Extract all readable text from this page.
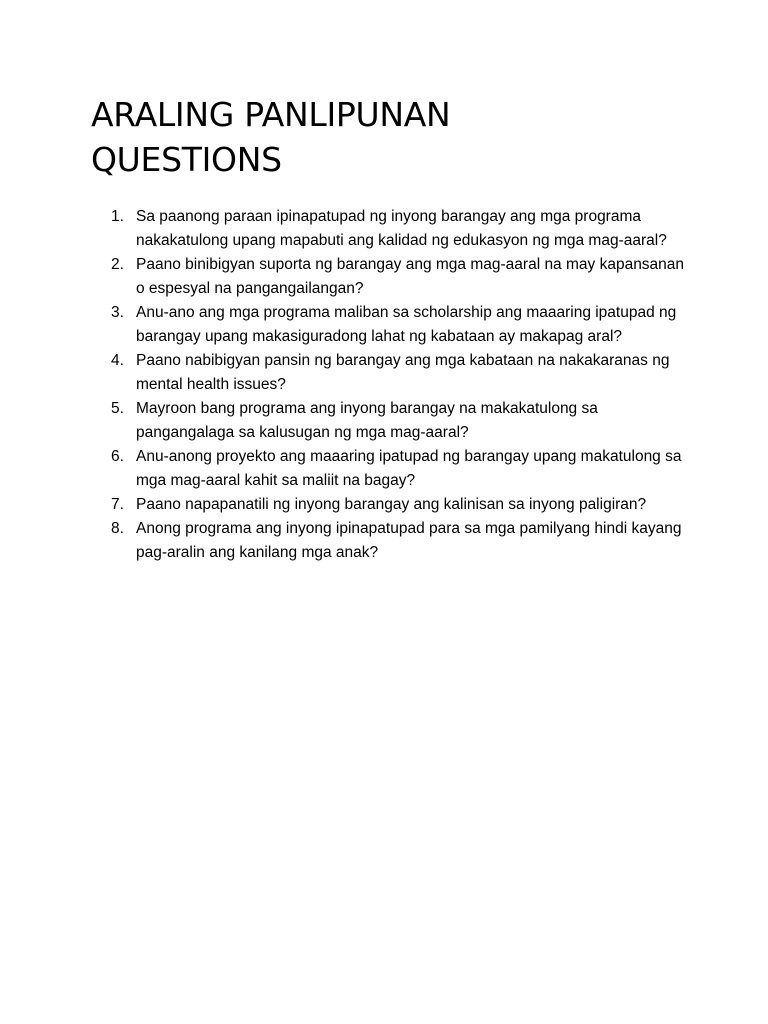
ARALING PANLIPUNAN
QUESTIONS
1. Sa paanong paraan ipinapatupad ng inyong barangay ang mga programa nakakatulong upang mapabuti ang kalidad ng edukasyon ng mga mag-aaral?
2. Paano binibigyan suporta ng barangay ang mga mag-aaral na may kapansanan o espesyal na pangangailangan?
3. Anu-ano ang mga programa maliban sa scholarship ang maaaring ipatupad ng barangay upang makasiguradong lahat ng kabataan ay makapag aral?
4. Paano nabibigyan pansin ng barangay ang mga kabataan na nakakaranas ng mental health issues?
5. Mayroon bang programa ang inyong barangay na makakatulong sa pangangalaga sa kalusugan ng mga mag-aaral?
6. Anu-anong proyekto ang maaaring ipatupad ng barangay upang makatulong sa mga mag-aaral kahit sa maliit na bagay?
7. Paano napapanatili ng inyong barangay ang kalinisan sa inyong paligiran?
8. Anong programa ang inyong ipinapatupad para sa mga pamilyang hindi kayang pag-aralin ang kanilang mga anak?
